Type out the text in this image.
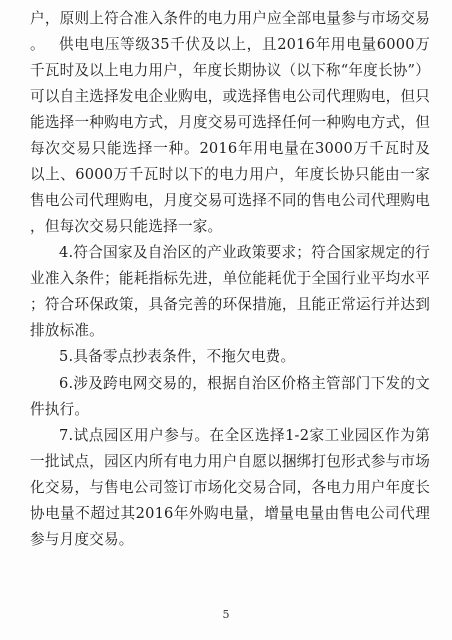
户，原则上符合准入条件的电力用户应全部电量参与市场交易。 供电电压等级35千伏及以上，且2016年用电量6000万千瓦时及以上电力用户，年度长期协议（以下称“年度长协”）可以自主选择发电企业购电，或选择售电公司代理购电，但只能选择一种购电方式，月度交易可选择任何一种购电方式，但每次交易只能选择一种。2016年用电量在3000万千瓦时及以上、6000万千瓦时以下的电力用户，年度长协只能由一家售电公司代理购电，月度交易可选择不同的售电公司代理购电，但每次交易只能选择一家。

4.符合国家及自治区的产业政策要求；符合国家规定的行业准入条件；能耗指标先进，单位能耗优于全国行业平均水平；符合环保政策，具备完善的环保措施，且能正常运行并达到排放标准。

5.具备零点抄表条件，不拖欠电费。

6.涉及跨电网交易的，根据自治区价格主管部门下发的文件执行。

7.试点园区用户参与。在全区选择1-2家工业园区作为第一批试点，园区内所有电力用户自愿以捆绑打包形式参与市场化交易，与售电公司签订市场化交易合同，各电力用户年度长协电量不超过其2016年外购电量，增量电量由售电公司代理参与月度交易。

5
